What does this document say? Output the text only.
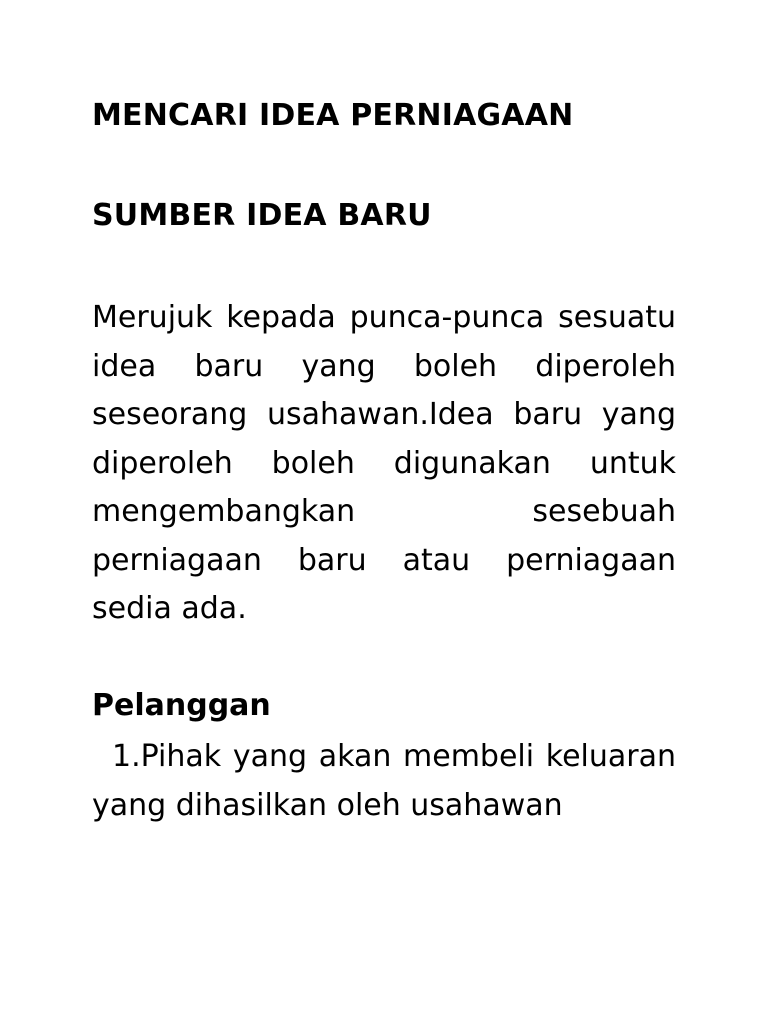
MENCARI IDEA PERNIAGAAN
SUMBER IDEA BARU

Merujuk kepada punca-punca sesuatu idea baru yang boleh diperoleh seseorang usahawan.Idea baru yang diperoleh boleh digunakan untuk mengembangkan sesebuah perniagaan baru atau perniagaan sedia ada.

Pelanggan

1.Pihak yang akan membeli keluaran yang dihasilkan oleh usahawan
